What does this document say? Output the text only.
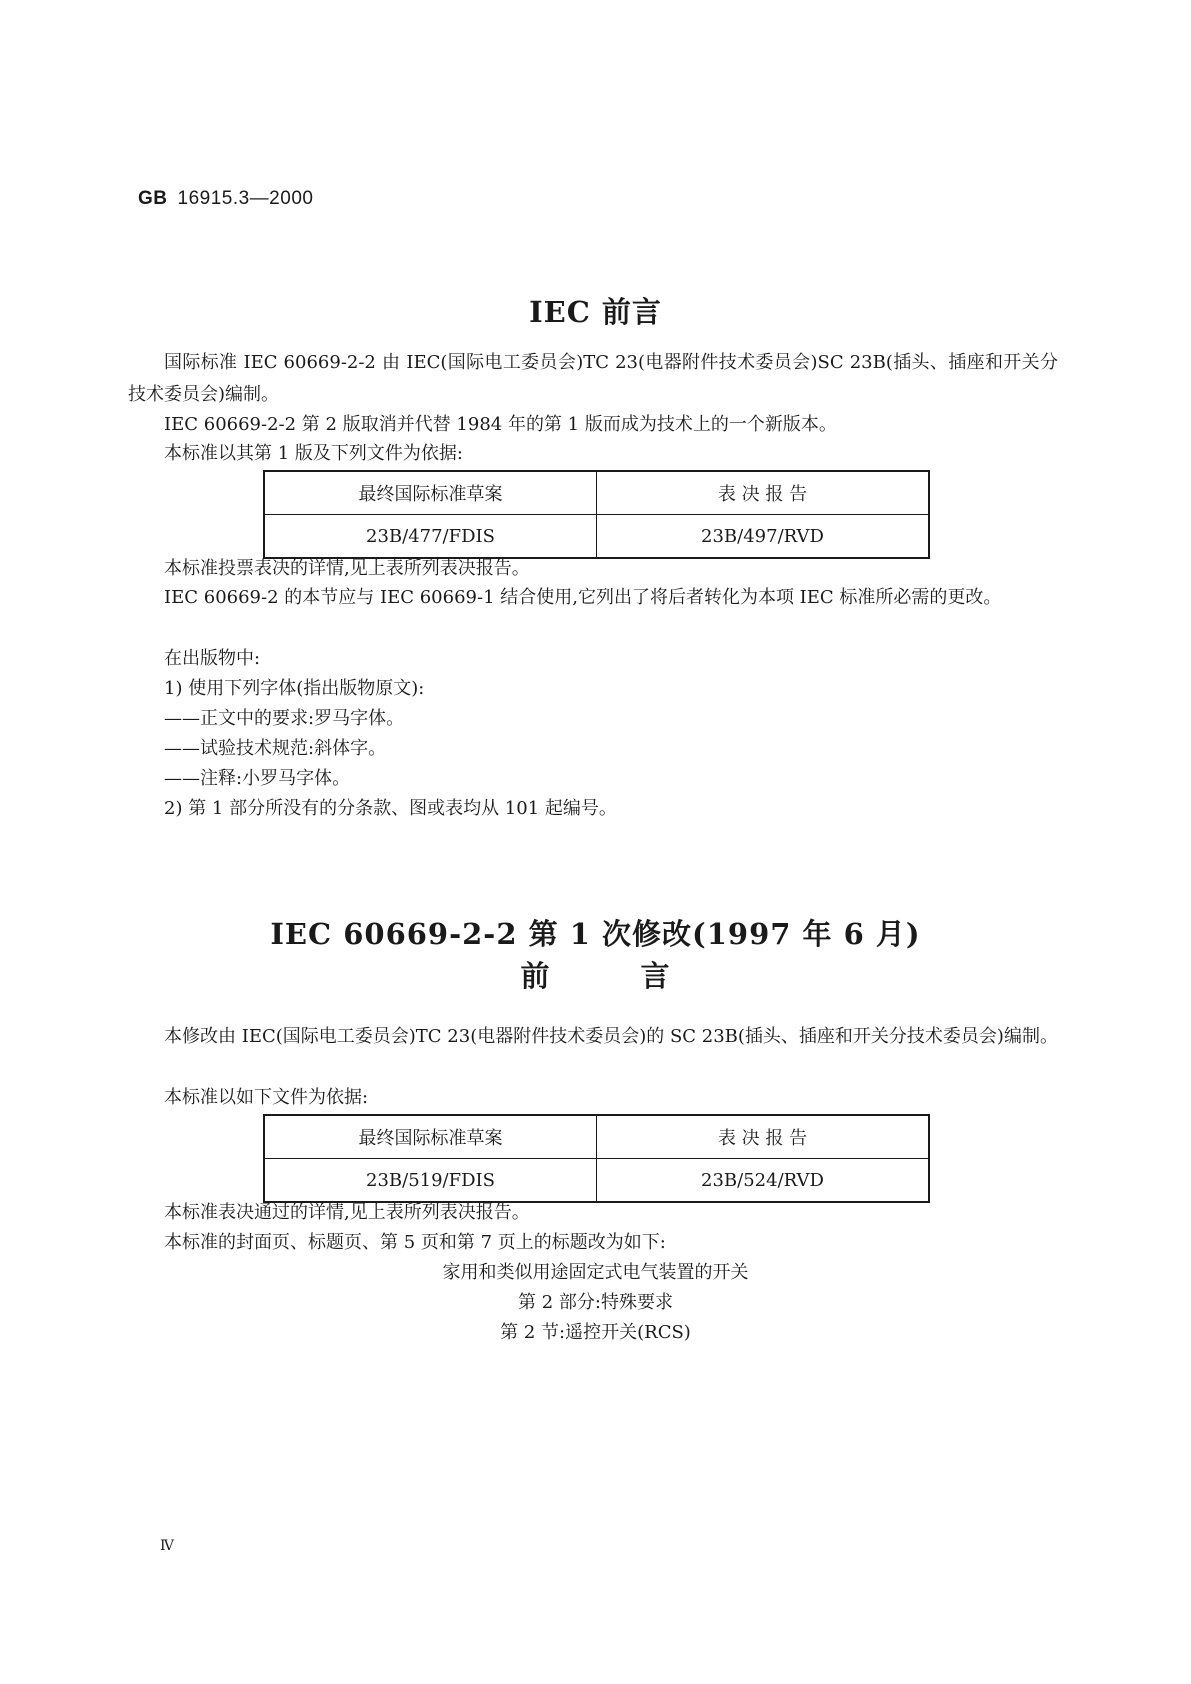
GB 16915.3—2000
IEC 前言
国际标准 IEC 60669-2-2 由 IEC(国际电工委员会)TC 23(电器附件技术委员会)SC 23B(插头、插座和开关分技术委员会)编制。
IEC 60669-2-2 第 2 版取消并代替 1984 年的第 1 版而成为技术上的一个新版本。
本标准以其第 1 版及下列文件为依据:
最终国际标准草案	表 决 报 告
23B/477/FDIS	23B/497/RVD
本标准投票表决的详情,见上表所列表决报告。
IEC 60669-2 的本节应与 IEC 60669-1 结合使用,它列出了将后者转化为本项 IEC 标准所必需的更改。
在出版物中:
1) 使用下列字体(指出版物原文):
——正文中的要求:罗马字体。
——试验技术规范:斜体字。
——注释:小罗马字体。
2) 第 1 部分所没有的分条款、图或表均从 101 起编号。
IEC 60669-2-2 第 1 次修改(1997 年 6 月)
前	言
本修改由 IEC(国际电工委员会)TC 23(电器附件技术委员会)的 SC 23B(插头、插座和开关分技术委员会)编制。
本标准以如下文件为依据:
最终国际标准草案	表 决 报 告
23B/519/FDIS	23B/524/RVD
本标准表决通过的详情,见上表所列表决报告。
本标准的封面页、标题页、第 5 页和第 7 页上的标题改为如下:
家用和类似用途固定式电气装置的开关
第 2 部分:特殊要求
第 2 节:遥控开关(RCS)
Ⅳ
